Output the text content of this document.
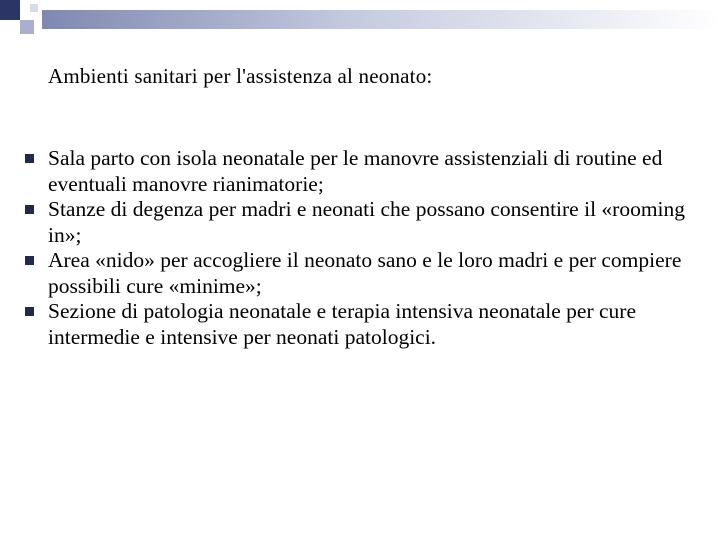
Ambienti sanitari per l'assistenza al neonato:
Sala parto con isola neonatale per le manovre assistenziali di routine ed eventuali manovre rianimatorie;
Stanze di degenza per madri e neonati che possano consentire il «rooming in»;
Area «nido» per accogliere il neonato sano e le loro madri e per compiere possibili cure «minime»;
Sezione di patologia neonatale e terapia intensiva neonatale per cure intermedie e intensive per neonati patologici.
